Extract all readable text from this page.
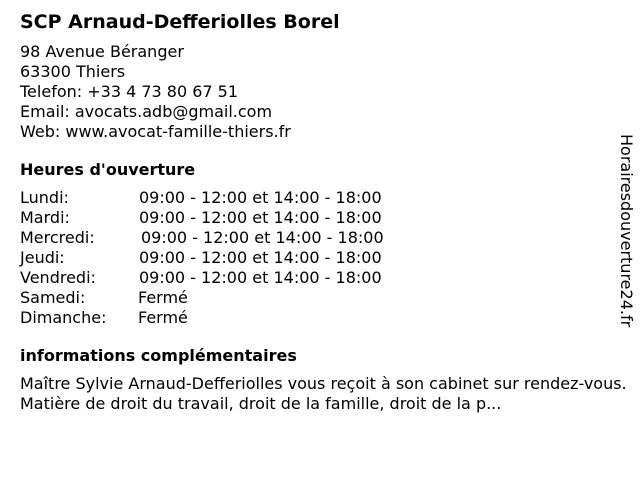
SCP Arnaud-Defferiolles Borel
98 Avenue Béranger
63300 Thiers
Telefon: +33 4 73 80 67 51
Email: avocats.adb@gmail.com
Web: www.avocat-famille-thiers.fr
Heures d'ouverture
Lundi:	09:00 - 12:00 et 14:00 - 18:00
Mardi:	09:00 - 12:00 et 14:00 - 18:00
Mercredi:	09:00 - 12:00 et 14:00 - 18:00
Jeudi:	09:00 - 12:00 et 14:00 - 18:00
Vendredi:	09:00 - 12:00 et 14:00 - 18:00
Samedi:	Fermé
Dimanche: Fermé
informations complémentaires
Maître Sylvie Arnaud-Defferiolles vous reçoit à son cabinet sur rendez-vous. Matière de droit du travail, droit de la famille, droit de la p...
Horairesdouverture24.fr
